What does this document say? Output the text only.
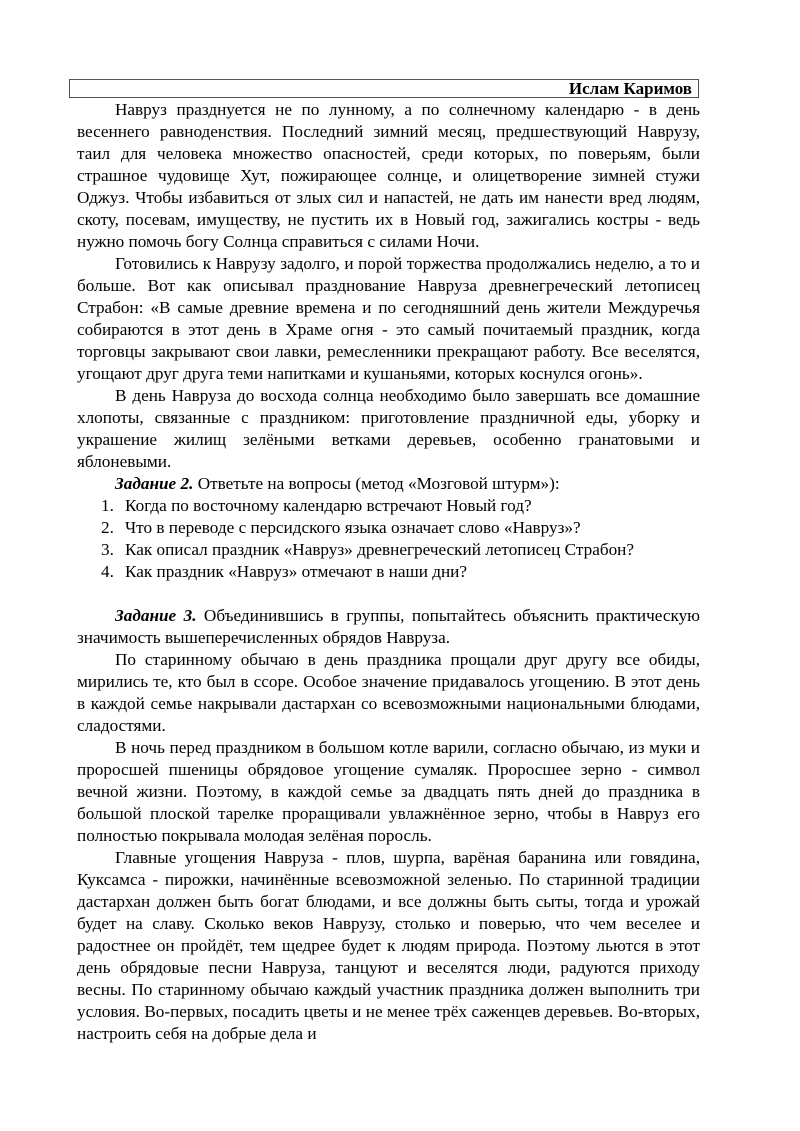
Ислам Каримов

Навруз празднуется не по лунному, а по солнечному календарю - в день весеннего равноденствия. Последний зимний месяц, предшествующий Наврузу, таил для человека множество опасностей, среди которых, по поверьям, были страшное чудовище Хут, пожирающее солнце, и олицетворение зимней стужи Оджуз. Чтобы избавиться от злых сил и напастей, не дать им нанести вред людям, скоту, посевам, имуществу, не пустить их в Новый год, зажигались костры - ведь нужно помочь богу Солнца справиться с силами Ночи.

Готовились к Наврузу задолго, и порой торжества продолжались неделю, а то и больше. Вот как описывал празднование Навруза древнегреческий летописец Страбон: «В самые древние времена и по сегодняшний день жители Междуречья собираются в этот день в Храме огня - это самый почитаемый праздник, когда торговцы закрывают свои лавки, ремесленники прекращают работу. Все веселятся, угощают друг друга теми напитками и кушаньями, которых коснулся огонь».

В день Навруза до восхода солнца необходимо было завершать все домашние хлопоты, связанные с праздником: приготовление праздничной еды, уборку и украшение жилищ зелёными ветками деревьев, особенно гранатовыми и яблоневыми.

Задание 2. Ответьте на вопросы (метод «Мозговой штурм»):
1. Когда по восточному календарю встречают Новый год?
2. Что в переводе с персидского языка означает слово «Навруз»?
3. Как описал праздник «Навруз» древнегреческий летописец Страбон?
4. Как праздник «Навруз» отмечают в наши дни?
Задание 3. Объединившись в группы, попытайтесь объяснить практическую значимость вышеперечисленных обрядов Навруза.

По старинному обычаю в день праздника прощали друг другу все обиды, мирились те, кто был в ссоре. Особое значение придавалось угощению. В этот день в каждой семье накрывали дастархан со всевозможными национальными блюдами, сладостями.

В ночь перед праздником в большом котле варили, согласно обычаю, из муки и проросшей пшеницы обрядовое угощение сумаляк. Проросшее зерно - символ вечной жизни. Поэтому, в каждой семье за двадцать пять дней до праздника в большой плоской тарелке проращивали увлажнённое зерно, чтобы в Навруз его полностью покрывала молодая зелёная поросль.

Главные угощения Навруза - плов, шурпа, варёная баранина или говядина, Куксамса - пирожки, начинённые всевозможной зеленью. По старинной традиции дастархан должен быть богат блюдами, и все должны быть сыты, тогда и урожай будет на славу. Сколько веков Наврузу, столько и поверью, что чем веселее и радостнее он пройдёт, тем щедрее будет к людям природа. Поэтому льются в этот день обрядовые песни Навруза, танцуют и веселятся люди, радуются приходу весны. По старинному обычаю каждый участник праздника должен выполнить три условия. Во-первых, посадить цветы и не менее трёх саженцев деревьев. Во-вторых, настроить себя на добрые дела и
